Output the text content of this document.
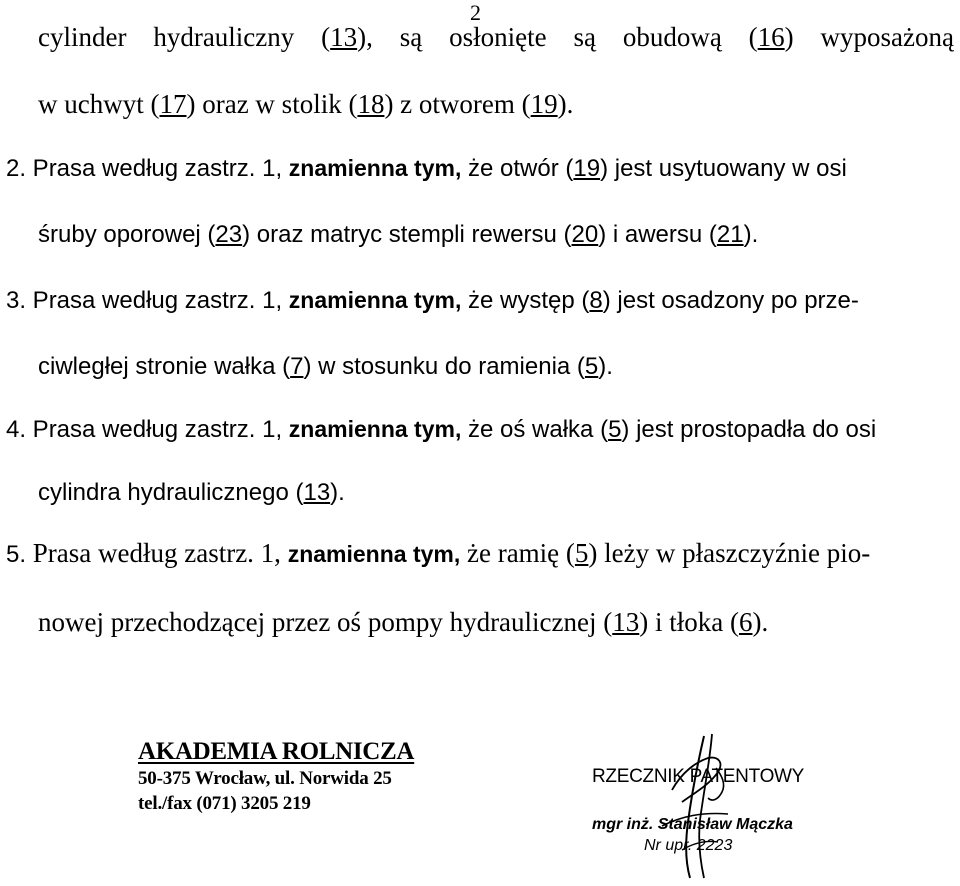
2
cylinder hydrauliczny (13), są osłonięte są obudową (16) wyposażoną
w uchwyt (17) oraz w stolik (18) z otworem (19).
2. Prasa według zastrz. 1, znamienna tym, że otwór (19) jest usytuowany w osi
śruby oporowej (23) oraz matryc stempli rewersu (20) i awersu (21).
3. Prasa według zastrz. 1, znamienna tym, że występ (8) jest osadzony po prze-
ciwległej stronie wałka (7) w stosunku do ramienia (5).
4. Prasa według zastrz. 1, znamienna tym, że oś wałka (5) jest prostopadła do osi
cylindra hydraulicznego (13).
5. Prasa według zastrz. 1, znamienna tym, że ramię (5) leży w płaszczyźnie pio-
nowej przechodzącej przez oś pompy hydraulicznej (13) i tłoka (6).
AKADEMIA ROLNICZA
50-375 Wrocław, ul. Norwida 25
tel./fax (071) 3205 219
RZECZNIK PATENTOWY
mgr inż. Stanisław Mączka
Nr upr. 2223
